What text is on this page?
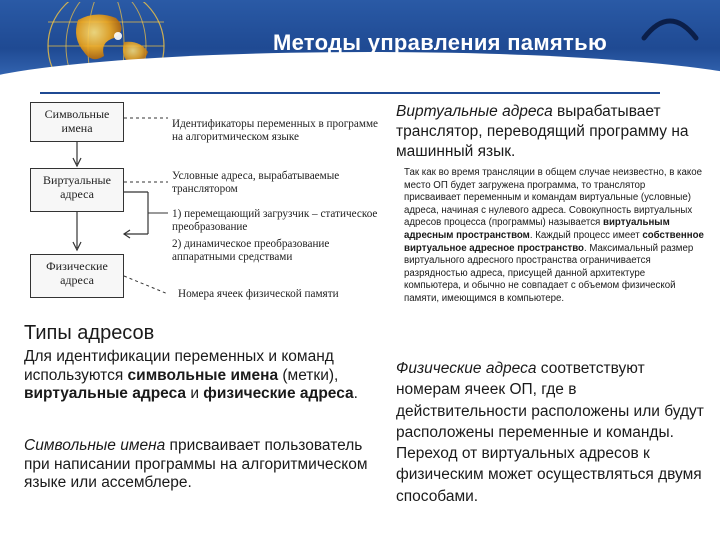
Методы управления памятью
Символьные имена
Виртуальные адреса
Физические адреса
Идентификаторы переменных в программе на алгоритмическом языке
Условные адреса, вырабатываемые транслятором
1) перемещающий загрузчик – статическое преобразование
2) динамическое преобразование аппаратными средствами
Номера ячеек физической памяти
Типы адресов
Для идентификации переменных и команд используются символьные имена (метки), виртуальные адреса и физические адреса.
Символьные имена присваивает пользователь при написании программы на алгоритмическом языке или ассемблере.
Виртуальные адреса вырабатывает транслятор, переводящий программу на машинный язык.
Так как во время трансляции в общем случае неизвестно, в какое место ОП будет загружена программа, то транслятор присваивает переменным и командам виртуальные (условные) адреса, начиная с нулевого адреса. Совокупность виртуальных адресов процесса (программы) называется виртуальным адресным пространством. Каждый процесс имеет собственное виртуальное адресное пространство. Максимальный размер виртуального адресного пространства ограничивается разрядностью адреса, присущей данной архитектуре компьютера, и обычно не совпадает с объемом физической памяти, имеющимся в компьютере.
Физические адреса соответствуют номерам ячеек ОП, где в действительности расположены или будут расположены переменные и команды. Переход от виртуальных адресов к физическим может осуществляться двумя способами.
